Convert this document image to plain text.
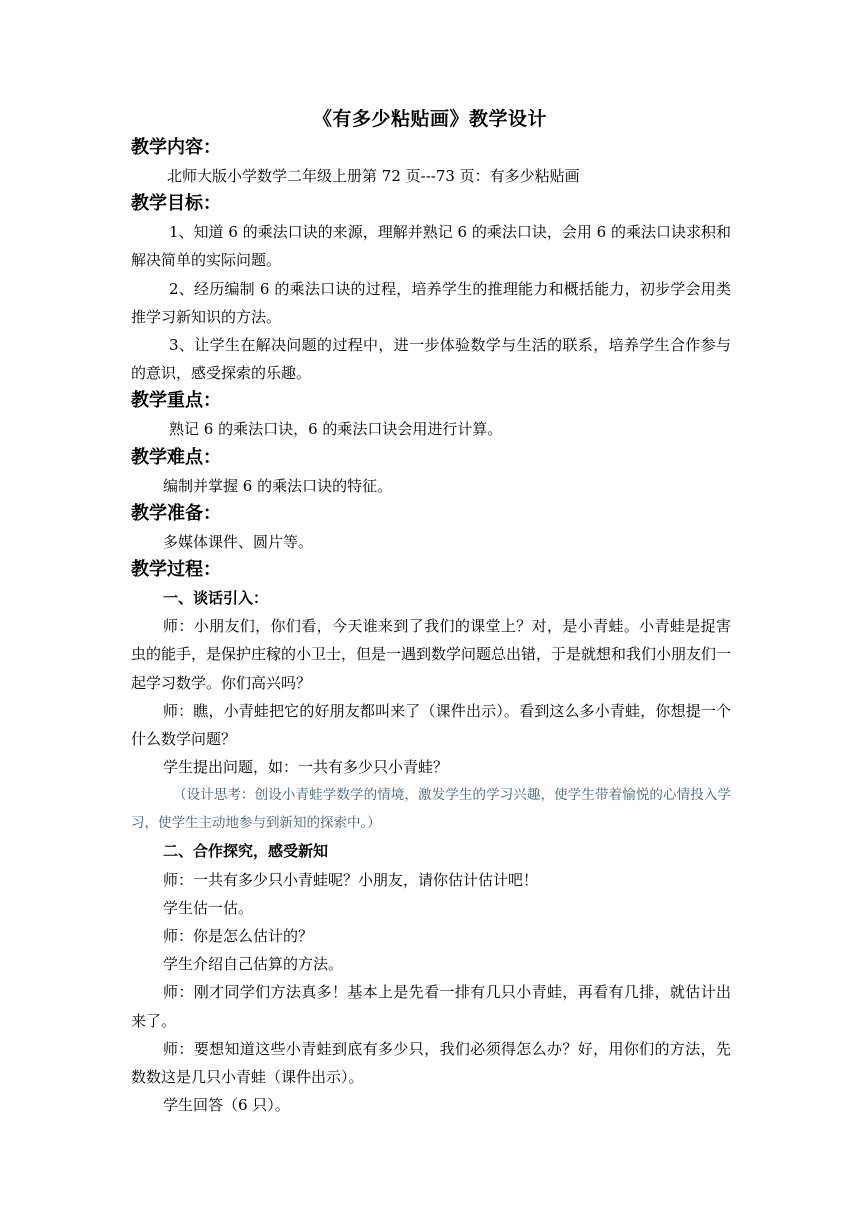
《有多少粘贴画》教学设计
教学内容：

北师大版小学数学二年级上册第 72 页---73 页：有多少粘贴画

教学目标：

1、知道 6 的乘法口诀的来源，理解并熟记 6 的乘法口诀，会用 6 的乘法口诀求积和解决简单的实际问题。

2、经历编制 6 的乘法口诀的过程，培养学生的推理能力和概括能力，初步学会用类推学习新知识的方法。

3、让学生在解决问题的过程中，进一步体验数学与生活的联系，培养学生合作参与的意识，感受探索的乐趣。

教学重点：

熟记 6 的乘法口诀，6 的乘法口诀会用进行计算。

教学难点：

编制并掌握 6 的乘法口诀的特征。

教学准备：

多媒体课件、圆片等。

教学过程：
一、谈话引入：

师：小朋友们，你们看，今天谁来到了我们的课堂上？对，是小青蛙。小青蛙是捉害虫的能手，是保护庄稼的小卫士，但是一遇到数学问题总出错，于是就想和我们小朋友们一起学习数学。你们高兴吗？

师：瞧，小青蛙把它的好朋友都叫来了（课件出示）。看到这么多小青蛙，你想提一个什么数学问题？

学生提出问题，如：一共有多少只小青蛙？

（设计思考：创设小青蛙学数学的情境，激发学生的学习兴趣，使学生带着愉悦的心情投入学习，使学生主动地参与到新知的探索中。）

二、合作探究，感受新知

师：一共有多少只小青蛙呢？小朋友，请你估计估计吧！

学生估一估。

师：你是怎么估计的？

学生介绍自己估算的方法。

师：刚才同学们方法真多！基本上是先看一排有几只小青蛙，再看有几排，就估计出来了。

师：要想知道这些小青蛙到底有多少只，我们必须得怎么办？好，用你们的方法，先数数这是几只小青蛙（课件出示）。

学生回答（6 只）。
